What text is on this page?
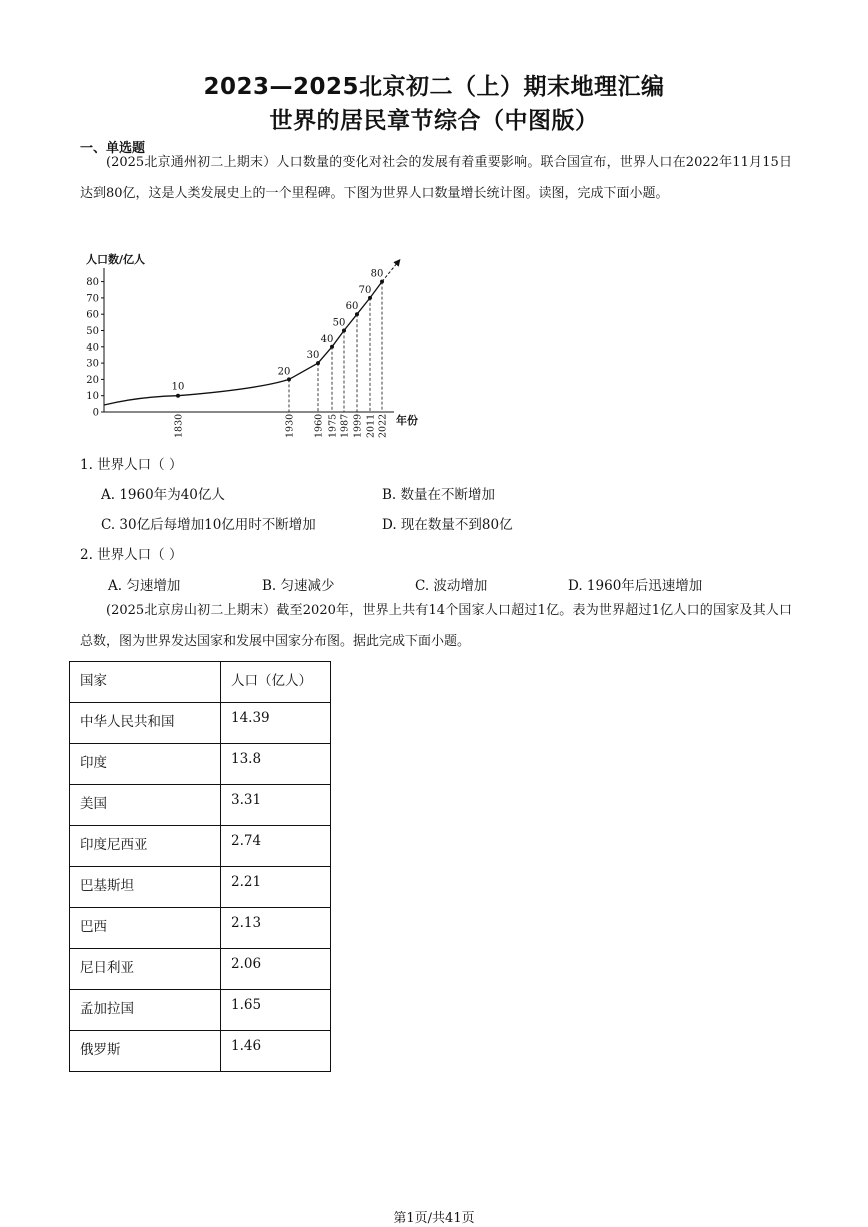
2023—2025北京初二（上）期末地理汇编
世界的居民章节综合（中图版）
一、单选题
(2025北京通州初二上期末）人口数量的变化对社会的发展有着重要影响。联合国宣布，世界人口在2022年11月15日达到80亿，这是人类发展史上的一个里程碑。下图为世界人口数量增长统计图。读图，完成下面小题。
人口数/亿人
年份
0
10
20
30
40
50
60
70
80
1830	1930 1960 1975 1987 1999 2011 2022
10
20
30
40
50
60
70
80
1. 世界人口（ ）
A. 1960年为40亿人	B. 数量在不断增加
C. 30亿后每增加10亿用时不断增加	D. 现在数量不到80亿
2. 世界人口（ ）
A. 匀速增加	B. 匀速减少	C. 波动增加	D. 1960年后迅速增加
(2025北京房山初二上期末）截至2020年，世界上共有14个国家人口超过1亿。表为世界超过1亿人口的国家及其人口总数，图为世界发达国家和发展中国家分布图。据此完成下面小题。
国家	人口（亿人）
中华人民共和国	14.39
印度	13.8
美国	3.31
印度尼西亚	2.74
巴基斯坦	2.21
巴西	2.13
尼日利亚	2.06
孟加拉国	1.65
俄罗斯	1.46
第1页/共41页
